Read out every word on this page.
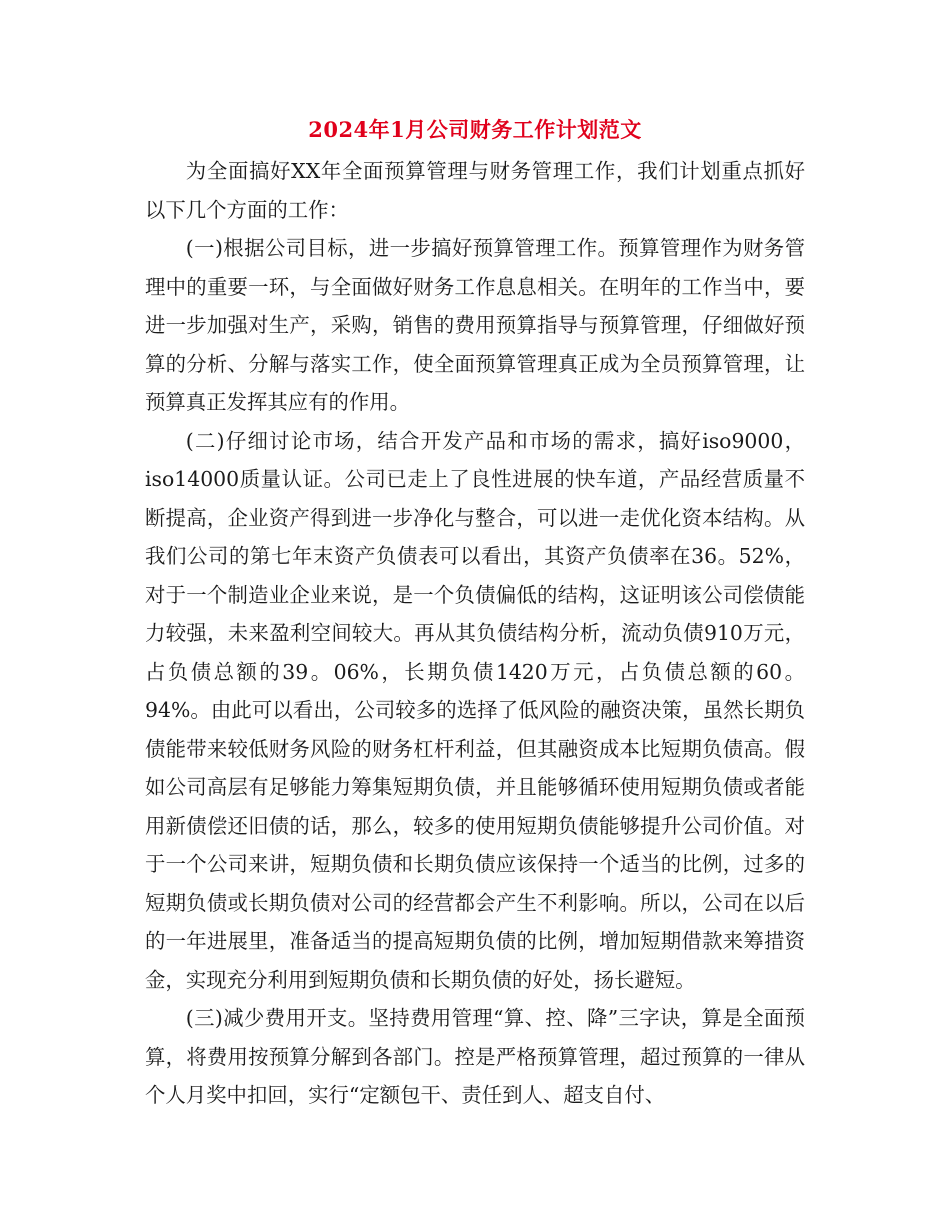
2024年1月公司财务工作计划范文

为全面搞好XX年全面预算管理与财务管理工作，我们计划重点抓好以下几个方面的工作：

(一)根据公司目标，进一步搞好预算管理工作。预算管理作为财务管理中的重要一环，与全面做好财务工作息息相关。在明年的工作当中，要进一步加强对生产，采购，销售的费用预算指导与预算管理，仔细做好预算的分析、分解与落实工作，使全面预算管理真正成为全员预算管理，让预算真正发挥其应有的作用。

(二)仔细讨论市场，结合开发产品和市场的需求，搞好iso9000，iso14000质量认证。公司已走上了良性进展的快车道，产品经营质量不断提高，企业资产得到进一步净化与整合，可以进一走优化资本结构。从我们公司的第七年末资产负债表可以看出，其资产负债率在36。52%，对于一个制造业企业来说，是一个负债偏低的结构，这证明该公司偿债能力较强，未来盈利空间较大。再从其负债结构分析，流动负债910万元，占负债总额的39。06%，长期负债1420万元，占负债总额的60。94%。由此可以看出，公司较多的选择了低风险的融资决策，虽然长期负债能带来较低财务风险的财务杠杆利益，但其融资成本比短期负债高。假如公司高层有足够能力筹集短期负债，并且能够循环使用短期负债或者能用新债偿还旧债的话，那么，较多的使用短期负债能够提升公司价值。对于一个公司来讲，短期负债和长期负债应该保持一个适当的比例，过多的短期负债或长期负债对公司的经营都会产生不利影响。所以，公司在以后的一年进展里，准备适当的提高短期负债的比例，增加短期借款来筹措资金，实现充分利用到短期负债和长期负债的好处，扬长避短。

(三)减少费用开支。坚持费用管理“算、控、降”三字诀，算是全面预算，将费用按预算分解到各部门。控是严格预算管理，超过预算的一律从个人月奖中扣回，实行“定额包干、责任到人、超支自付、
